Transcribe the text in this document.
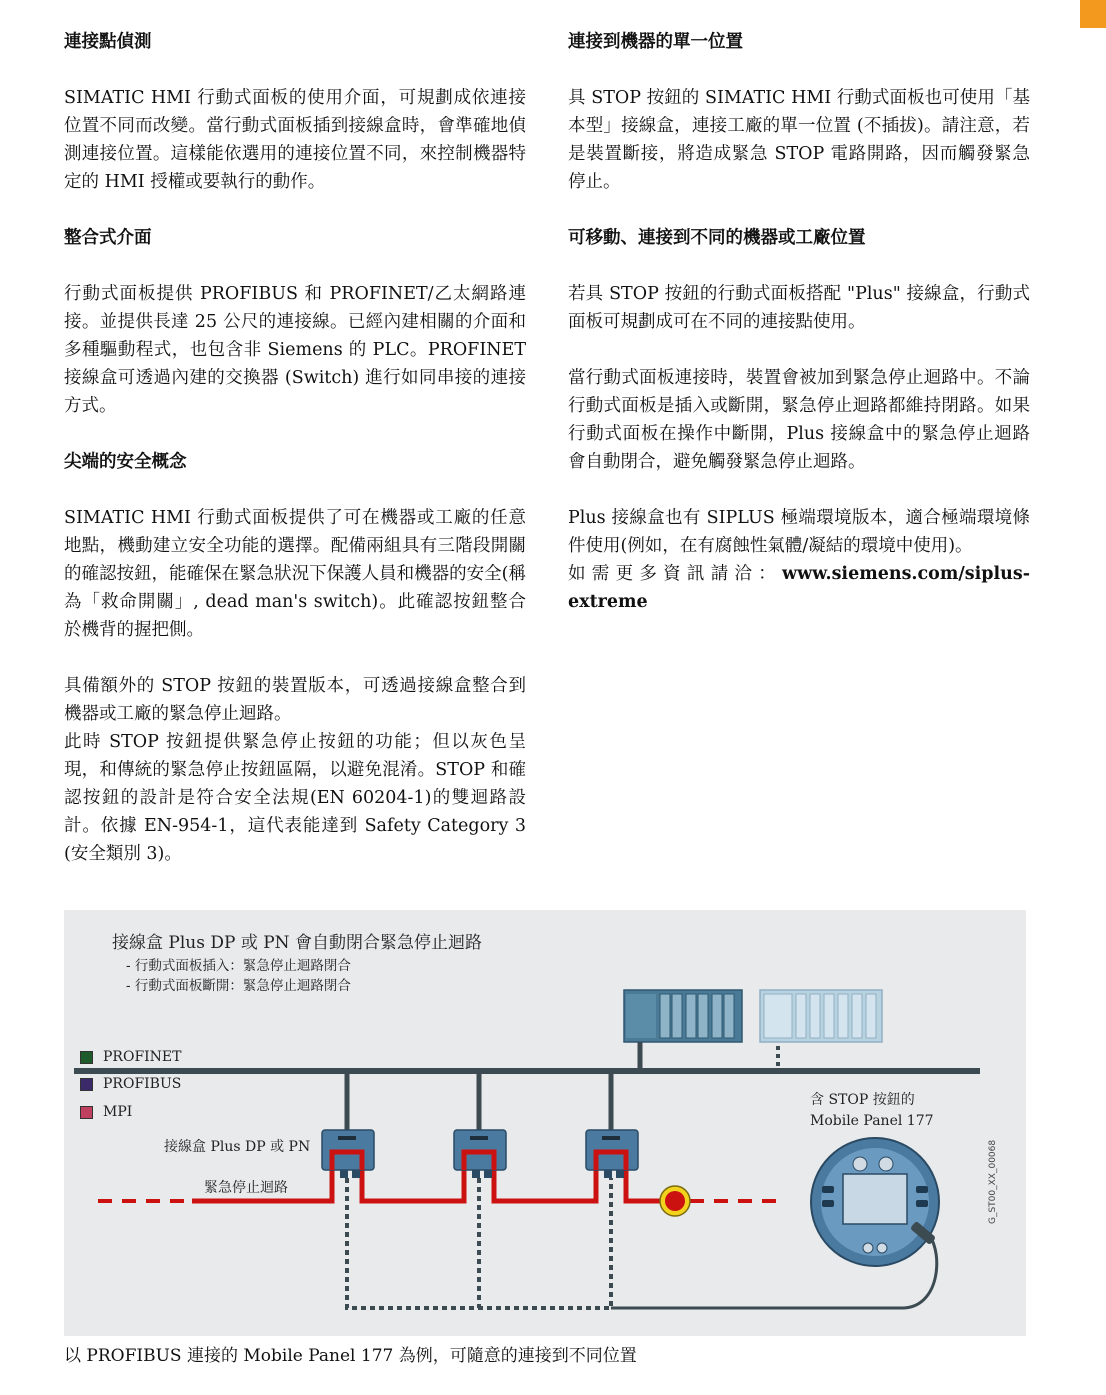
連接點偵測

SIMATIC HMI 行動式面板的使用介面，可規劃成依連接位置不同而改變。當行動式面板插到接線盒時，會準確地偵測連接位置。這樣能依選用的連接位置不同，來控制機器特定的 HMI 授權或要執行的動作。

整合式介面

行動式面板提供 PROFIBUS 和 PROFINET/乙太網路連接。並提供長達 25 公尺的連接線。已經內建相關的介面和多種驅動程式，也包含非 Siemens 的 PLC。PROFINET 接線盒可透過內建的交換器 (Switch) 進行如同串接的連接方式。

尖端的安全概念

SIMATIC HMI 行動式面板提供了可在機器或工廠的任意地點，機動建立安全功能的選擇。配備兩組具有三階段開關的確認按鈕，能確保在緊急狀況下保護人員和機器的安全(稱為「救命開關」, dead man's switch)。此確認按鈕整合於機背的握把側。

具備額外的 STOP 按鈕的裝置版本，可透過接線盒整合到機器或工廠的緊急停止迴路。

此時 STOP 按鈕提供緊急停止按鈕的功能；但以灰色呈現，和傳統的緊急停止按鈕區隔，以避免混淆。STOP 和確認按鈕的設計是符合安全法規(EN 60204-1)的雙迴路設計。依據 EN-954-1，這代表能達到 Safety Category 3 (安全類別 3)。

連接到機器的單一位置

具 STOP 按鈕的 SIMATIC HMI 行動式面板也可使用「基本型」接線盒，連接工廠的單一位置 (不插拔)。請注意，若是裝置斷接，將造成緊急 STOP 電路開路，因而觸發緊急停止。

可移動、連接到不同的機器或工廠位置

若具 STOP 按鈕的行動式面板搭配 "Plus" 接線盒，行動式面板可規劃成可在不同的連接點使用。

當行動式面板連接時，裝置會被加到緊急停止迴路中。不論行動式面板是插入或斷開，緊急停止迴路都維持閉路。如果行動式面板在操作中斷開，Plus 接線盒中的緊急停止迴路會自動閉合，避免觸發緊急停止迴路。

Plus 接線盒也有 SIPLUS 極端環境版本，適合極端環境條件使用(例如，在有腐蝕性氣體/凝結的環境中使用)。

如需更多資訊請洽：www.siemens.com/siplus-extreme

接線盒 Plus DP 或 PN 會自動閉合緊急停止迴路
- 行動式面板插入：緊急停止迴路閉合
- 行動式面板斷開：緊急停止迴路閉合
PROFINET
PROFIBUS
MPI
接線盒 Plus DP 或 PN
緊急停止迴路
含 STOP 按鈕的
Mobile Panel 177
G_ST00_XX_00068
以 PROFIBUS 連接的 Mobile Panel 177 為例，可隨意的連接到不同位置
